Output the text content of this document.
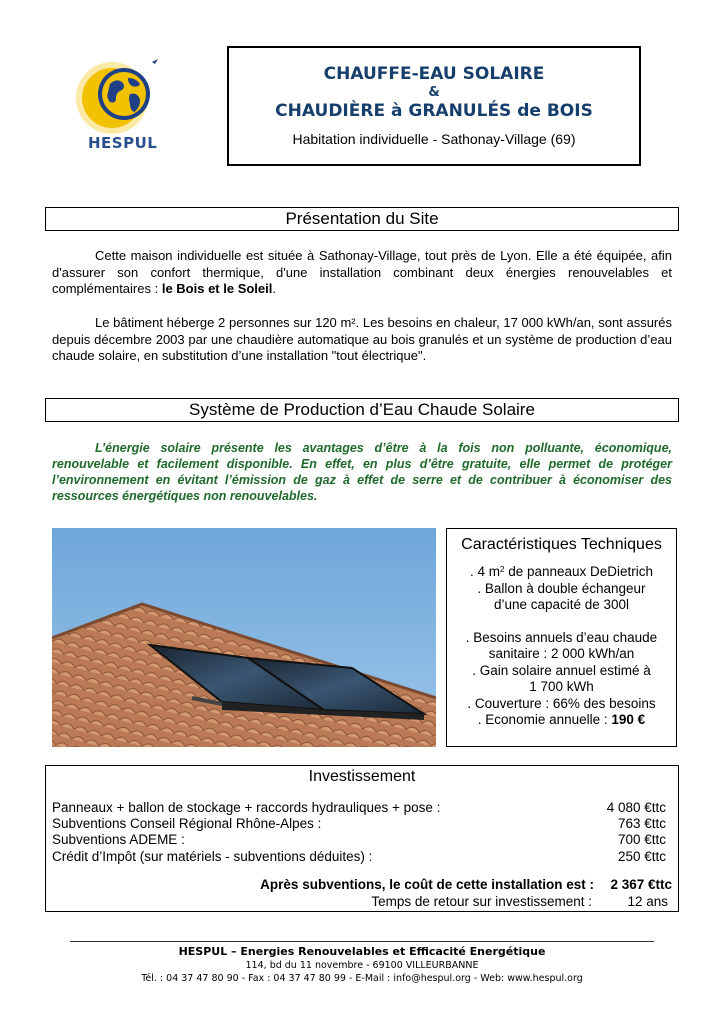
HESPUL
CHAUFFE-EAU SOLAIRE
&
CHAUDIÈRE à GRANULÉS de BOIS
Habitation individuelle - Sathonay-Village (69)
Présentation du Site
Cette maison individuelle est située à Sathonay-Village, tout près de Lyon. Elle a été équipée, afin d'assurer son confort thermique, d'une installation combinant deux énergies renouvelables et complémentaires : le Bois et le Soleil.
Le bâtiment héberge 2 personnes sur 120 m². Les besoins en chaleur, 17 000 kWh/an, sont assurés depuis décembre 2003 par une chaudière automatique au bois granulés et un système de production d’eau chaude solaire, en substitution d’une installation "tout électrique".
Système de Production d’Eau Chaude Solaire
L’énergie solaire présente les avantages d’être à la fois non polluante, économique, renouvelable et facilement disponible. En effet, en plus d’être gratuite, elle permet de protéger l’environnement en évitant l’émission de gaz à effet de serre et de contribuer à économiser des ressources énergétiques non renouvelables.
Caractéristiques Techniques
. 4 $m^2$ de panneaux DeDietrich
. Ballon à double échangeur
d’une capacité de 300l
. Besoins annuels d’eau chaude
sanitaire : 2 000 kWh/an
. Gain solaire annuel estimé à
1 700 kWh
. Couverture : 66% des besoins
. Economie annuelle : 190 €
Investissement
Panneaux + ballon de stockage + raccords hydrauliques + pose :	4 080 €ttc
Subventions Conseil Régional Rhône-Alpes :	763 €ttc
Subventions ADEME :	700 €ttc
Crédit d’Impôt (sur matériels - subventions déduites) :	250 €ttc
Après subventions, le coût de cette installation est : 2 367 €ttc
Temps de retour sur investissement :	12 ans
HESPUL – Energies Renouvelables et Efficacité Energétique
114, bd du 11 novembre - 69100 VILLEURBANNE
Tél. : 04 37 47 80 90 - Fax : 04 37 47 80 99 - E-Mail : info@hespul.org - Web: www.hespul.org
